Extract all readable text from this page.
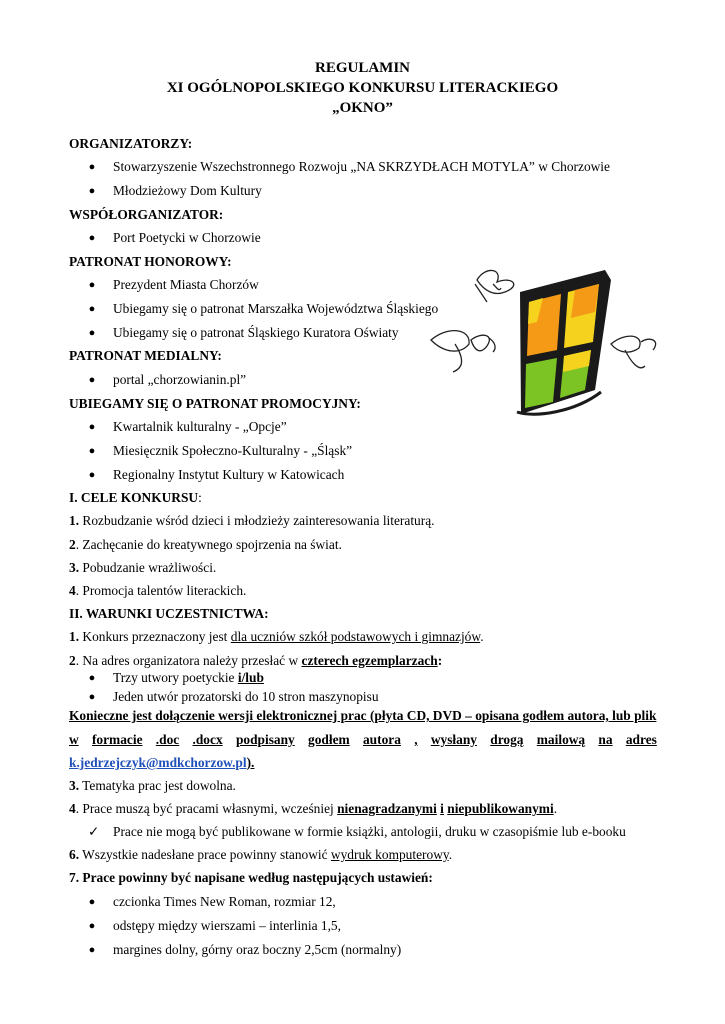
REGULAMIN
XI OGÓLNOPOLSKIEGO KONKURSU LITERACKIEGO
„OKNO”
ORGANIZATORZY:
● Stowarzyszenie Wszechstronnego Rozwoju „NA SKRZYDŁACH MOTYLA” w Chorzowie
● Młodzieżowy Dom Kultury
WSPÓŁORGANIZATOR:
● Port Poetycki w Chorzowie
PATRONAT HONOROWY:
● Prezydent Miasta Chorzów
● Ubiegamy się o patronat Marszałka Województwa Śląskiego
● Ubiegamy się o patronat Śląskiego Kuratora Oświaty
PATRONAT MEDIALNY:
● portal „chorzowianin.pl”
UBIEGAMY SIĘ O PATRONAT PROMOCYJNY:
● Kwartalnik kulturalny - „Opcje”
● Miesięcznik Społeczno-Kulturalny - „Śląsk”
● Regionalny Instytut Kultury w Katowicach
I. CELE KONKURSU:
1. Rozbudzanie wśród dzieci i młodzieży zainteresowania literaturą.
2. Zachęcanie do kreatywnego spojrzenia na świat.
3. Pobudzanie wrażliwości.
4. Promocja talentów literackich.
II. WARUNKI UCZESTNICTWA:
1. Konkurs przeznaczony jest dla uczniów szkół podstawowych i gimnazjów.
2. Na adres organizatora należy przesłać w czterech egzemplarzach:
● Trzy utwory poetyckie i/lub
● Jeden utwór prozatorski do 10 stron maszynopisu
Konieczne jest dołączenie wersji elektronicznej prac (płyta CD, DVD – opisana godłem autora, lub plik
w formacie .doc .docx podpisany godłem autora , wysłany drogą mailową na adres
k.jedrzejczyk@mdkchorzow.pl).
3. Tematyka prac jest dowolna.
4. Prace muszą być pracami własnymi, wcześniej nienagradzanymi i niepublikowanymi.
✓ Prace nie mogą być publikowane w formie książki, antologii, druku w czasopiśmie lub e-booku
6. Wszystkie nadesłane prace powinny stanowić wydruk komputerowy.
7. Prace powinny być napisane według następujących ustawień:
● czcionka Times New Roman, rozmiar 12,
● odstępy między wierszami – interlinia 1,5,
● margines dolny, górny oraz boczny 2,5cm (normalny)
